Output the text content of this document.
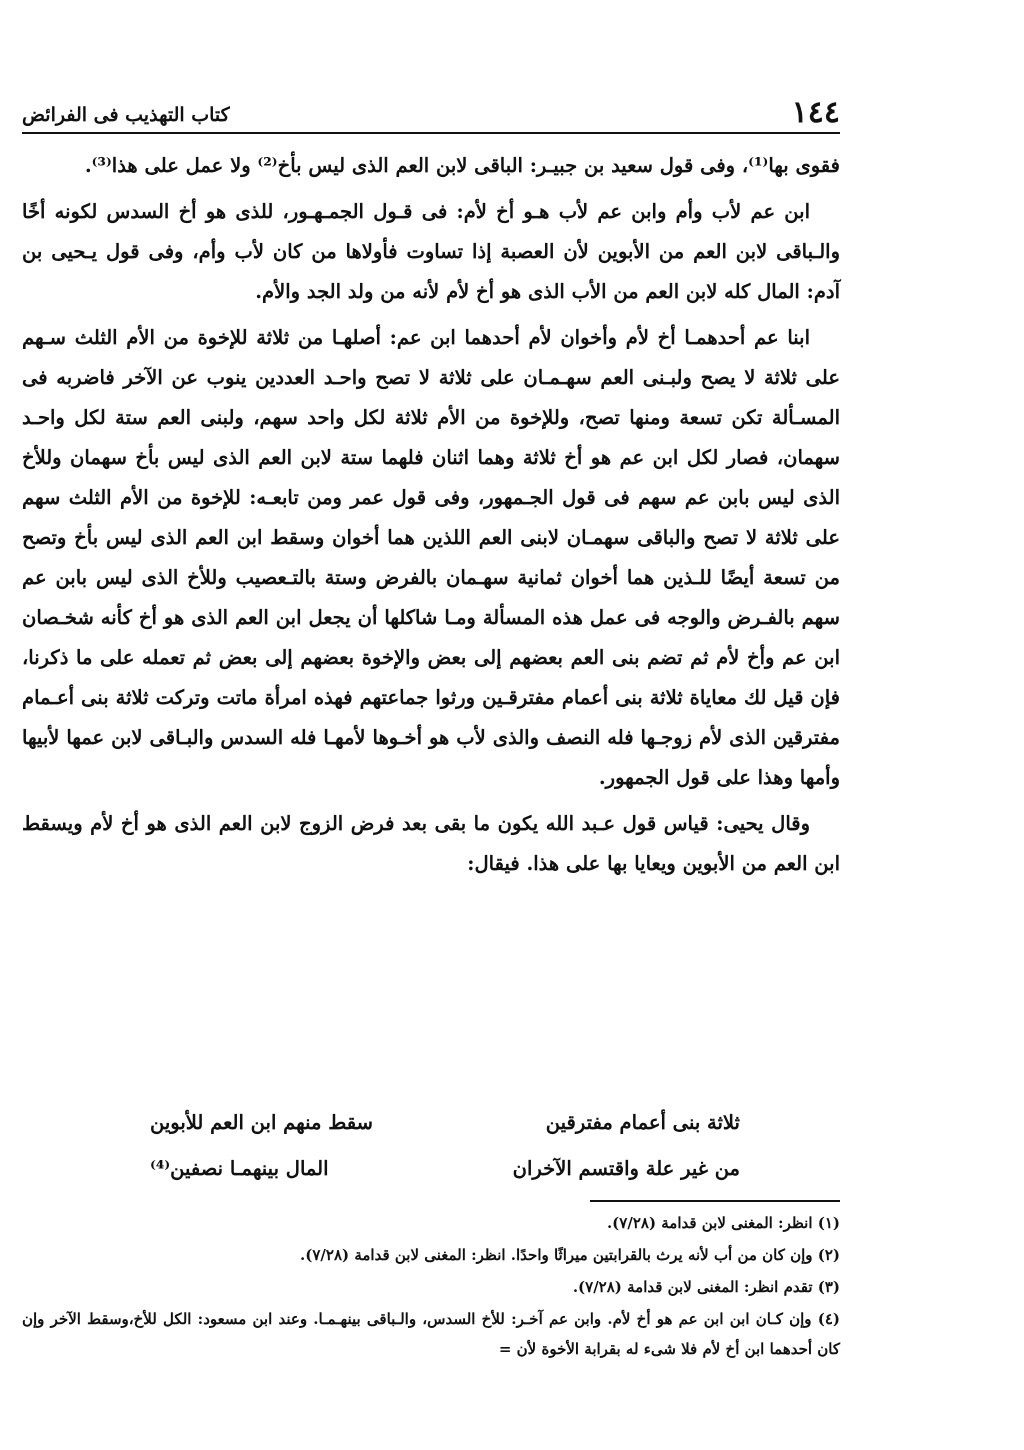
١٤٤
كتاب التهذيب فى الفرائض

فقوى بها⁽¹⁾، وفى قول سعيد بن جبيـر: الباقى لابن العم الذى ليس بأخ⁽²⁾ ولا عمل على هذا⁽³⁾.

ابن عم لأب وأم وابن عم لأب هـو أخ لأم: فى قـول الجمـهـور، للذى هو أخ السدس لكونه أخًا والـباقى لابن العم من الأبوين لأن العصبة إذا تساوت فأولاها من كان لأب وأم، وفى قول يـحيى بن آدم: المال كله لابن العم من الأب الذى هو أخ لأم لأنه من ولد الجد والأم.

ابنا عم أحدهمـا أخ لأم وأخوان لأم أحدهما ابن عم: أصلهـا من ثلاثة للإخوة من الأم الثلث سـهم على ثلاثة لا يصح ولبـنى العم سهـمـان على ثلاثة لا تصح واحـد العددين ينوب عن الآخر فاضربه فى المسـألة تكن تسعة ومنها تصح، وللإخوة من الأم ثلاثة لكل واحد سهم، ولبنى العم ستة لكل واحـد سهمان، فصار لكل ابن عم هو أخ ثلاثة وهما اثنان فلهما ستة لابن العم الذى ليس بأخ سهمان وللأخ الذى ليس بابن عم سهم فى قول الجـمهور، وفى قول عمر ومن تابعـه: للإخوة من الأم الثلث سهم على ثلاثة لا تصح والباقى سهمـان لابنى العم اللذين هما أخوان وسقط ابن العم الذى ليس بأخ وتصح من تسعة أيضًا للـذين هما أخوان ثمانية سهـمان بالفرض وستة بالتـعصيب وللأخ الذى ليس بابن عم سهم بالفـرض والوجه فى عمل هذه المسألة ومـا شاكلها أن يجعل ابن العم الذى هو أخ كأنه شخـصان ابن عم وأخ لأم ثم تضم بنى العم بعضهم إلى بعض والإخوة بعضهم إلى بعض ثم تعمله على ما ذكرنا، فإن قيل لك معاياة ثلاثة بنى أعمام مفترقـين ورثوا جماعتهم فهذه امرأة ماتت وتركت ثلاثة بنى أعـمام مفترقين الذى لأم زوجـها فله النصف والذى لأب هو أخـوها لأمهـا فله السدس والبـاقى لابن عمها لأبيها وأمها وهذا على قول الجمهور.

وقال يحيى: قياس قول عـبد الله يكون ما بقى بعد فرض الزوج لابن العم الذى هو أخ لأم ويسقط ابن العم من الأبوين ويعايا بها على هذا. فيقال:

ثلاثة بنى أعمام مفترقين
سقط منهم ابن العم للأبوين
من غير علة واقتسم الآخران
المال بينهمـا نصفين⁽⁴⁾
(١) انظر: المغنى لابن قدامة (٧/٢٨).
(٢) وإن كان من أب لأنه يرث بالقرابتين ميراثًا واحدًا. انظر: المغنى لابن قدامة (٧/٢٨).
(٣) تقدم انظر: المغنى لابن قدامة (٧/٢٨).
(٤) وإن كـان ابن ابن عم هو أخ لأم. وابن عم آخـر: للأخ السدس، والـباقى بينهـمـا. وعند ابن مسعود: الكل للأخ،وسقط الآخر وإن كان أحدهما ابن أخ لأم فلا شىء له بقرابة الأخوة لأن =
